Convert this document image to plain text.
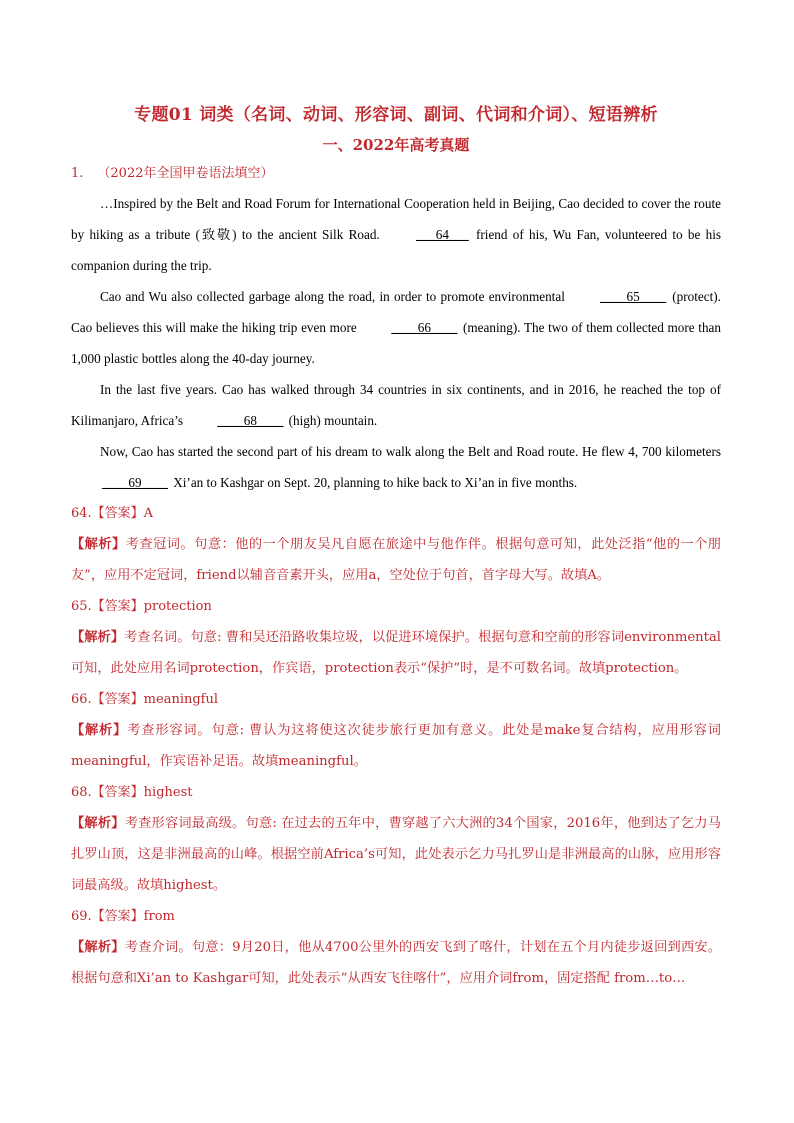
专题01 词类（名词、动词、形容词、副词、代词和介词）、短语辨析
一、2022年高考真题
1. （2022年全国甲卷语法填空）

…Inspired by the Belt and Road Forum for International Cooperation held in Beijing, Cao decided to cover the route by hiking as a tribute (致敬) to the ancient Silk Road. ___64___ friend of his, Wu Fan, volunteered to be his companion during the trip.

Cao and Wu also collected garbage along the road, in order to promote environmental ____65____ (protect). Cao believes this will make the hiking trip even more ____66____ (meaning). The two of them collected more than 1,000 plastic bottles along the 40-day journey.

In the last five years. Cao has walked through 34 countries in six continents, and in 2016, he reached the top of Kilimanjaro, Africa’s ____68____ (high) mountain.

Now, Cao has started the second part of his dream to walk along the Belt and Road route. He flew 4, 700 kilometers ____69____ Xi’an to Kashgar on Sept. 20, planning to hike back to Xi’an in five months.

64.【答案】A

【解析】考查冠词。句意：他的一个朋友吴凡自愿在旅途中与他作伴。根据句意可知，此处泛指“他的一个朋友”，应用不定冠词，friend以辅音音素开头，应用a，空处位于句首，首字母大写。故填A。

65.【答案】protection

【解析】考查名词。句意: 曹和吴还沿路收集垃圾，以促进环境保护。根据句意和空前的形容词environmental可知，此处应用名词protection，作宾语，protection表示“保护”时，是不可数名词。故填protection。

66.【答案】meaningful

【解析】考查形容词。句意: 曹认为这将使这次徒步旅行更加有意义。此处是make复合结构，应用形容词meaningful，作宾语补足语。故填meaningful。

68.【答案】highest

【解析】考查形容词最高级。句意: 在过去的五年中，曹穿越了六大洲的34个国家，2016年，他到达了乞力马扎罗山顶，这是非洲最高的山峰。根据空前Africa’s可知，此处表示乞力马扎罗山是非洲最高的山脉，应用形容词最高级。故填highest。

69.【答案】from

【解析】考查介词。句意：9月20日，他从4700公里外的西安飞到了喀什，计划在五个月内徒步返回到西安。根据句意和Xi’an to Kashgar可知，此处表示“从西安飞往喀什”，应用介词from，固定搭配 from…to…
